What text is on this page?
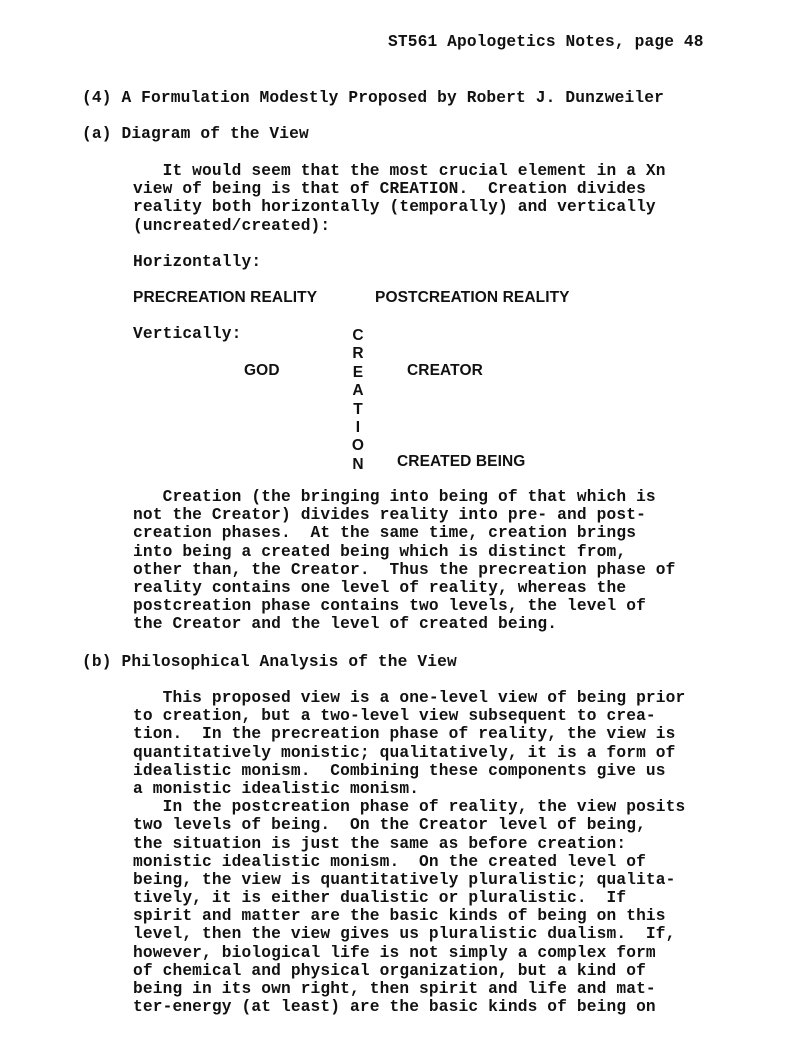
ST561 Apologetics Notes, page 48
(4) A Formulation Modestly Proposed by Robert J. Dunzweiler
(a) Diagram of the View
It would seem that the most crucial element in a Xn
view of being is that of CREATION.  Creation divides
reality both horizontally (temporally) and vertically
(uncreated/created):
Horizontally:
PRECREATION REALITY	POSTCREATION REALITY
Vertically:	C
R
E
A
T
I
O
N
GOD	CREATOR
CREATED BEING
Creation (the bringing into being of that which is
not the Creator) divides reality into pre- and post-
creation phases.  At the same time, creation brings
into being a created being which is distinct from,
other than, the Creator.  Thus the precreation phase of
reality contains one level of reality, whereas the
postcreation phase contains two levels, the level of
the Creator and the level of created being.
(b) Philosophical Analysis of the View
This proposed view is a one-level view of being prior
to creation, but a two-level view subsequent to crea-
tion.  In the precreation phase of reality, the view is
quantitatively monistic; qualitatively, it is a form of
idealistic monism.  Combining these components give us
a monistic idealistic monism.
In the postcreation phase of reality, the view posits
two levels of being.  On the Creator level of being,
the situation is just the same as before creation:
monistic idealistic monism.  On the created level of
being, the view is quantitatively pluralistic; qualita-
tively, it is either dualistic or pluralistic.  If
spirit and matter are the basic kinds of being on this
level, then the view gives us pluralistic dualism.  If,
however, biological life is not simply a complex form
of chemical and physical organization, but a kind of
being in its own right, then spirit and life and mat-
ter-energy (at least) are the basic kinds of being on
